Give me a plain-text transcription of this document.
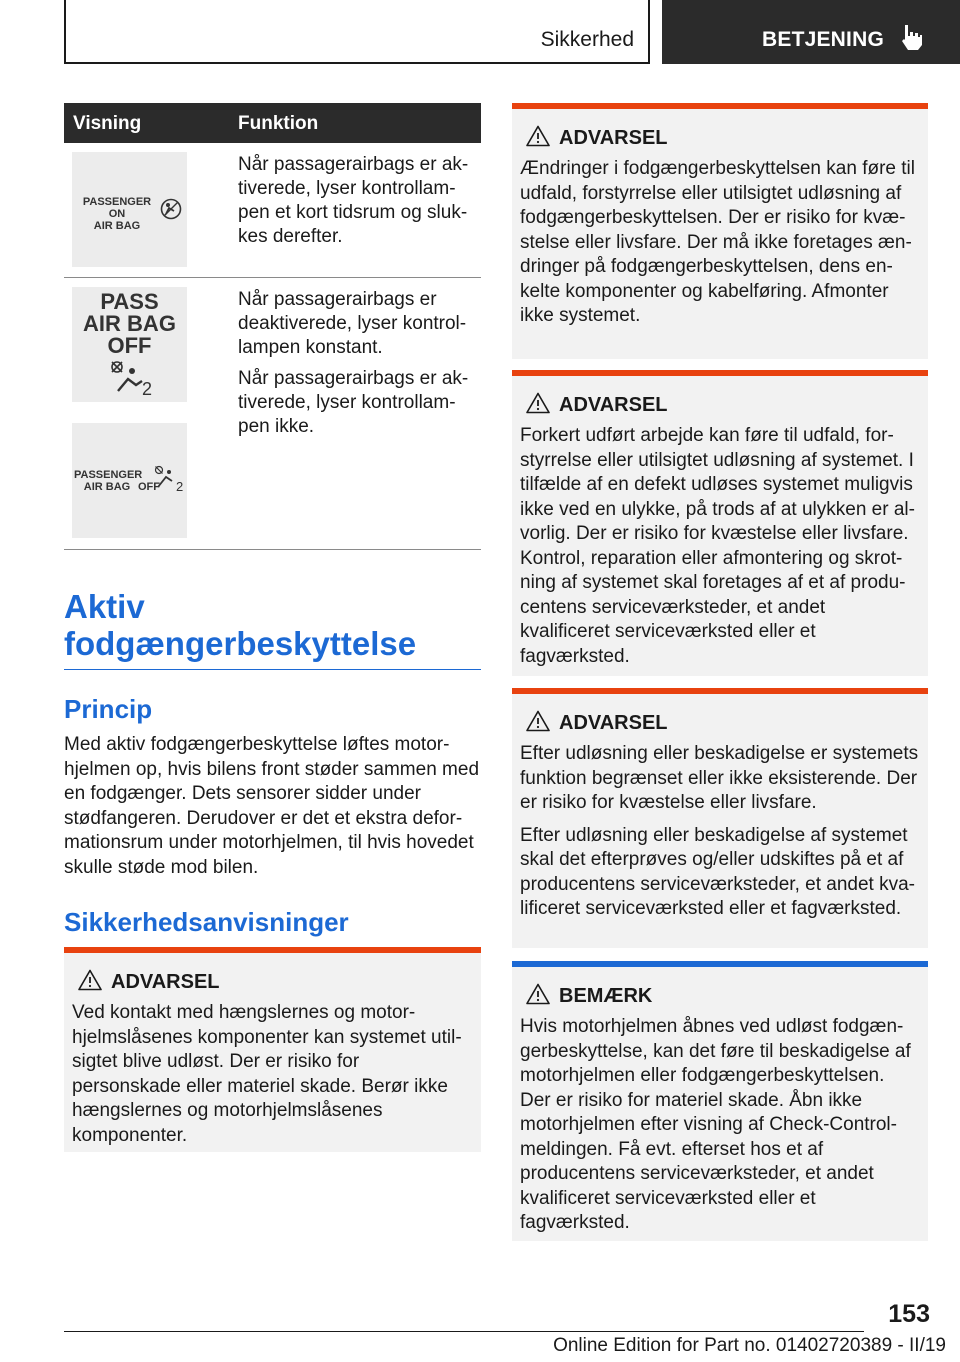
Sikkerhed	BETJENING
Visning	Funktion
PASSENGER ON
AIR BAG

Når passagerairbags er aktiverede, lyser kontrollampen et kort tidsrum og slukkes derefter.

PASS
AIR BAG
OFF
2
PASSENGER
AIR BAG OFF 2

Når passagerairbags er deaktiverede, lyser kontrollampen konstant.

Når passagerairbags er aktiverede, lyser kontrollampen ikke.

Aktiv fodgængerbeskyttelse
Princip
Med aktiv fodgængerbeskyttelse løftes motorhjelmen op, hvis bilens front støder sammen med en fodgænger. Dets sensorer sidder under stødfangeren. Derudover er det et ekstra deformationsrum under motorhjelmen, til hvis hovedet skulle støde mod bilen.
Sikkerhedsanvisninger
ADVARSEL

Ved kontakt med hængslernes og motorhjelmslåsenes komponenter kan systemet utilsigtet blive udløst. Der er risiko for personskade eller materiel skade. Berør ikke hængslernes og motorhjelmslåsenes komponenter.

ADVARSEL

Ændringer i fodgængerbeskyttelsen kan føre til udfald, forstyrrelse eller utilsigtet udløsning af fodgængerbeskyttelsen. Der er risiko for kvæstelse eller livsfare. Der må ikke foretages ændringer på fodgængerbeskyttelsen, dens enkelte komponenter og kabelføring. Afmonter ikke systemet.

ADVARSEL

Forkert udført arbejde kan føre til udfald, forstyrrelse eller utilsigtet udløsning af systemet. I tilfælde af en defekt udløses systemet muligvis ikke ved en ulykke, på trods af at ulykken er alvorlig. Der er risiko for kvæstelse eller livsfare. Kontrol, reparation eller afmontering og skrotning af systemet skal foretages af et af producentens serviceværksteder, et andet kvalificeret serviceværksted eller et fagværksted.

ADVARSEL

Efter udløsning eller beskadigelse er systemets funktion begrænset eller ikke eksisterende. Der er risiko for kvæstelse eller livsfare.

Efter udløsning eller beskadigelse af systemet skal det efterprøves og/eller udskiftes på et af producentens serviceværksteder, et andet kvalificeret serviceværksted eller et fagværksted.

BEMÆRK

Hvis motorhjelmen åbnes ved udløst fodgængerbeskyttelse, kan det føre til beskadigelse af motorhjelmen eller fodgængerbeskyttelsen. Der er risiko for materiel skade. Åbn ikke motorhjelmen efter visning af Check-Control-meldingen. Få evt. efterset hos et af producentens serviceværksteder, et andet kvalificeret serviceværksted eller et fagværksted.

153
Online Edition for Part no. 01402720389 - II/19
